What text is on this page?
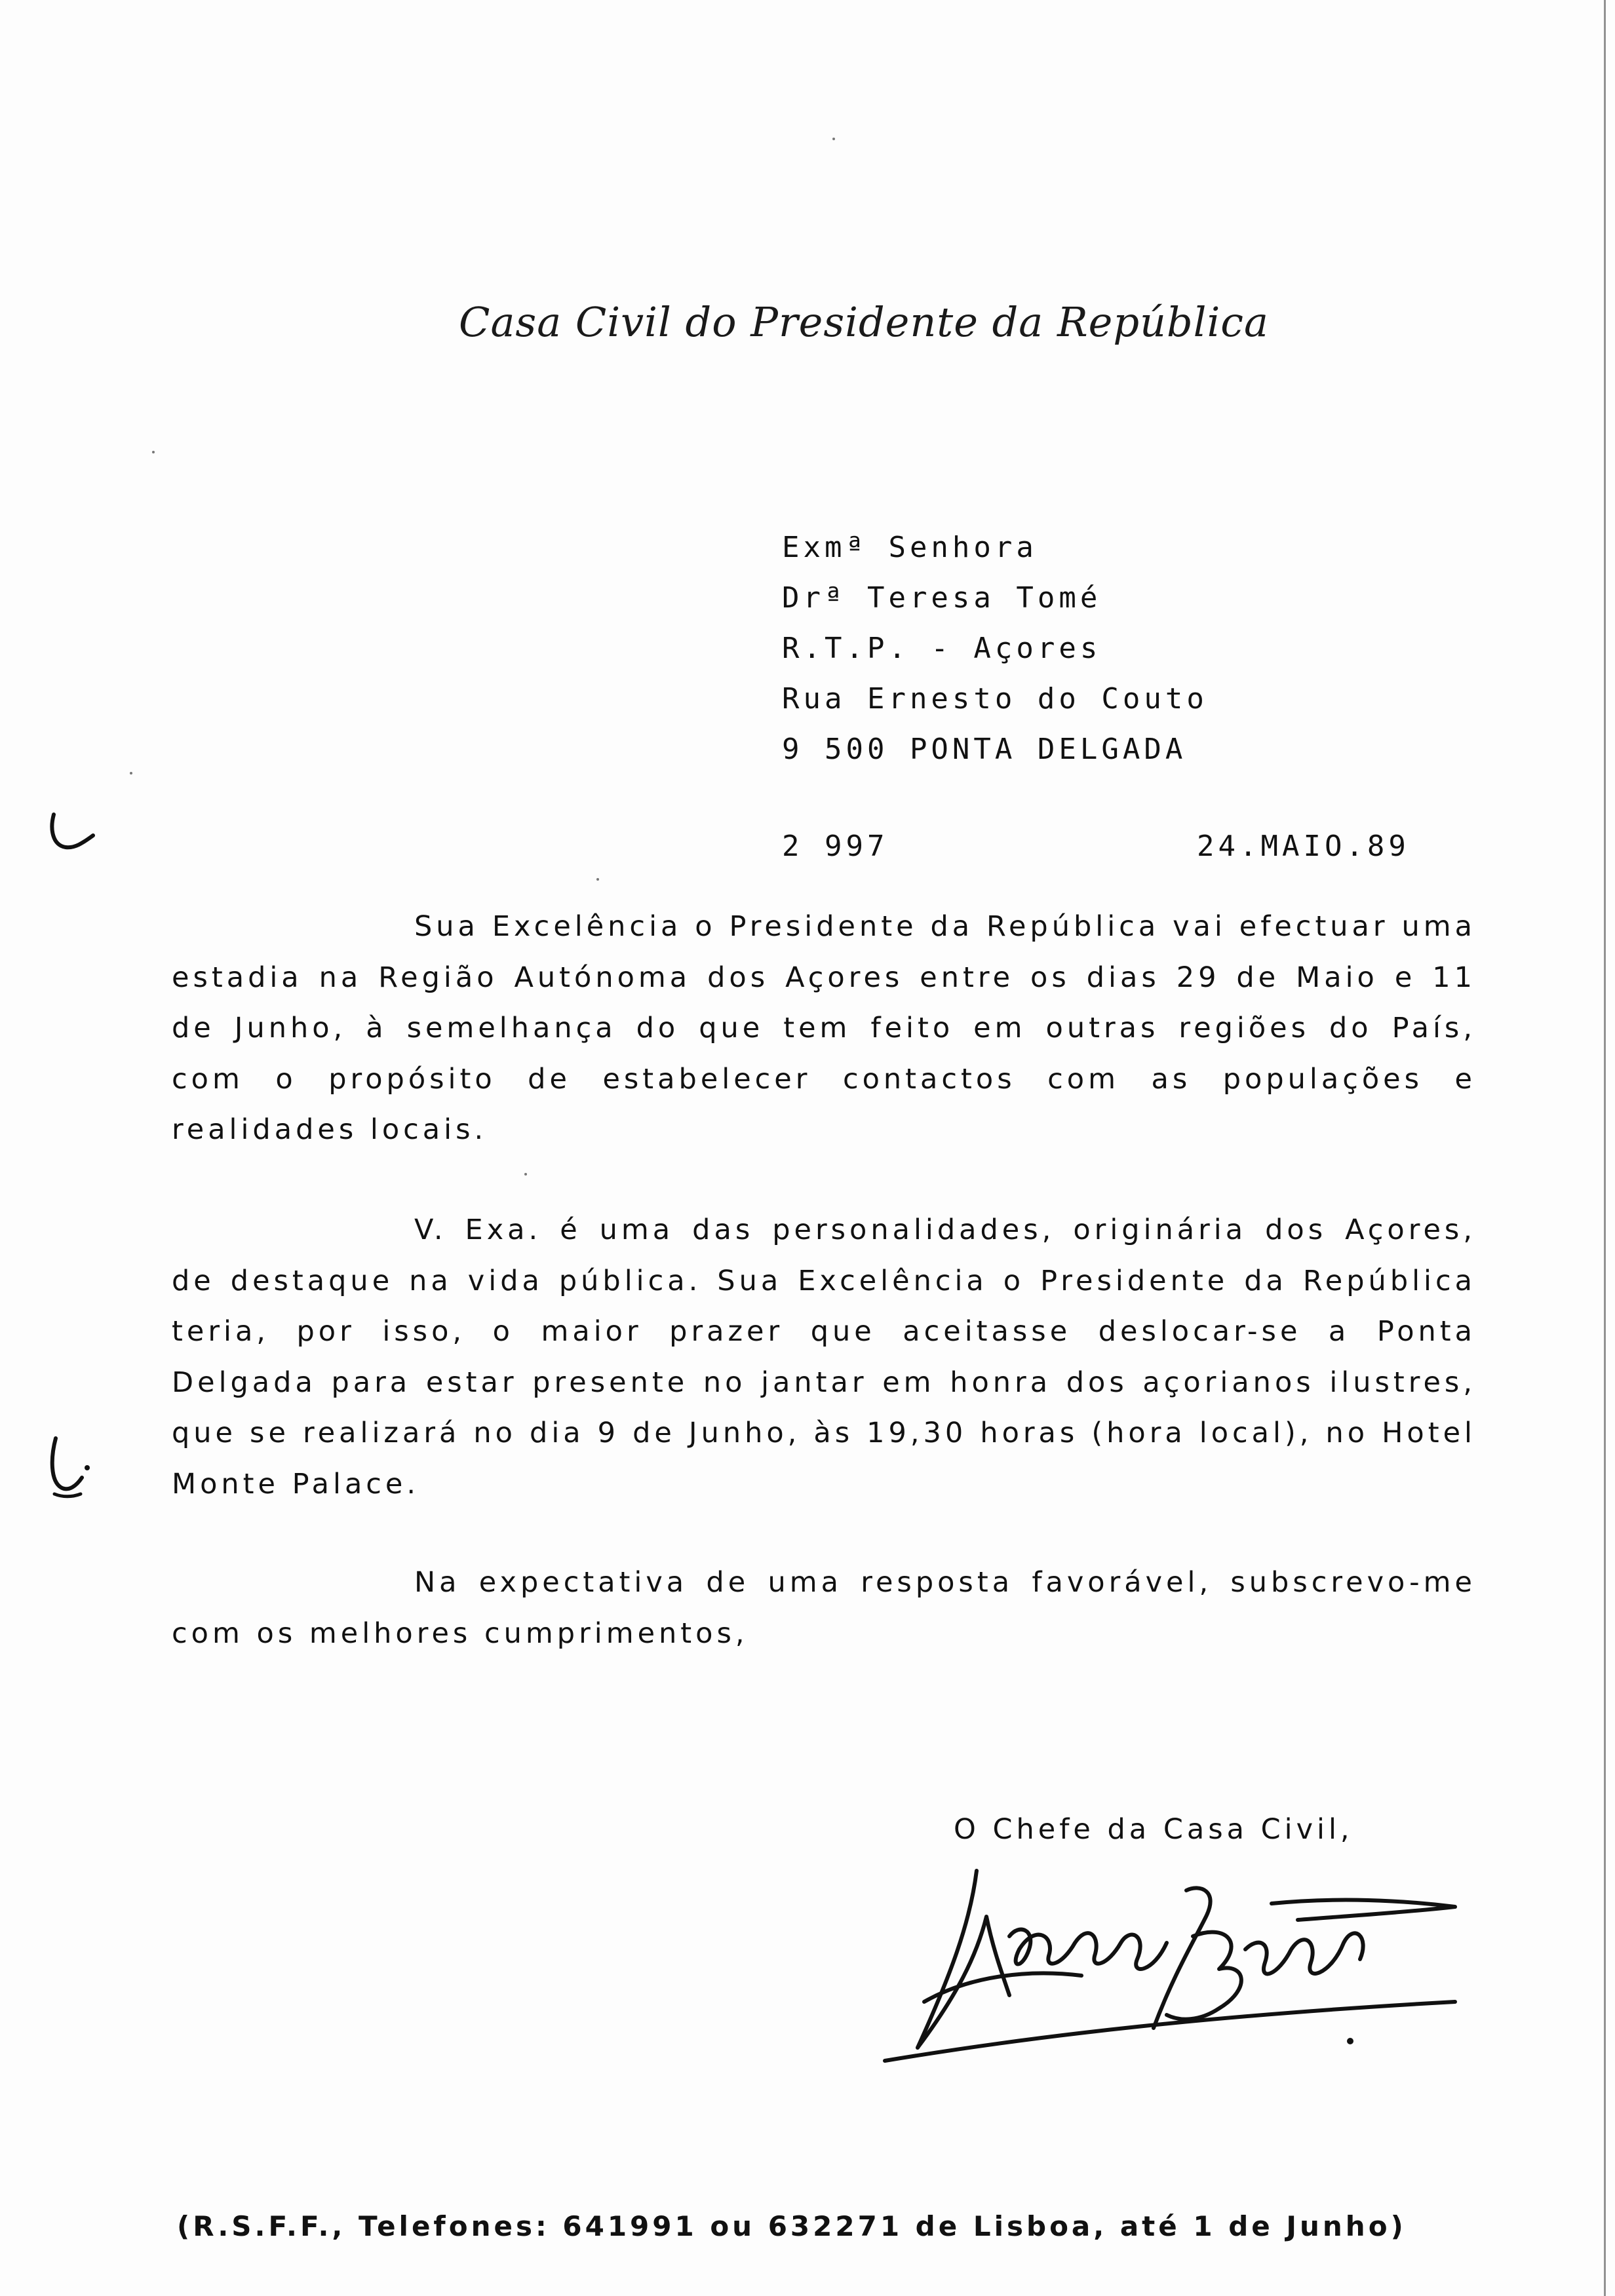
Casa Civil do Presidente da República
Exmª Senhora
Drª Teresa Tomé
R.T.P. - Açores
Rua Ernesto do Couto
9 500 PONTA DELGADA
2 997	24.MAIO.89

Sua Excelência o Presidente da República vai efectuar uma estadia na Região Autónoma dos Açores entre os dias 29 de Maio e 11 de Junho, à semelhança do que tem feito em outras regiões do País, com o propósito de estabelecer contactos com as populações e realidades locais.

V. Exa. é uma das personalidades, originária dos Açores, de destaque na vida pública. Sua Excelência o Presidente da República teria, por isso, o maior prazer que aceitasse deslocar-se a Ponta Delgada para estar presente no jantar em honra dos açorianos ilustres, que se realizará no dia 9 de Junho, às 19,30 horas (hora local), no Hotel Monte Palace.

Na expectativa de uma resposta favorável, subscrevo-me com os melhores cumprimentos,

O Chefe da Casa Civil,
(R.S.F.F., Telefones: 641991 ou 632271 de Lisboa, até 1 de Junho)
